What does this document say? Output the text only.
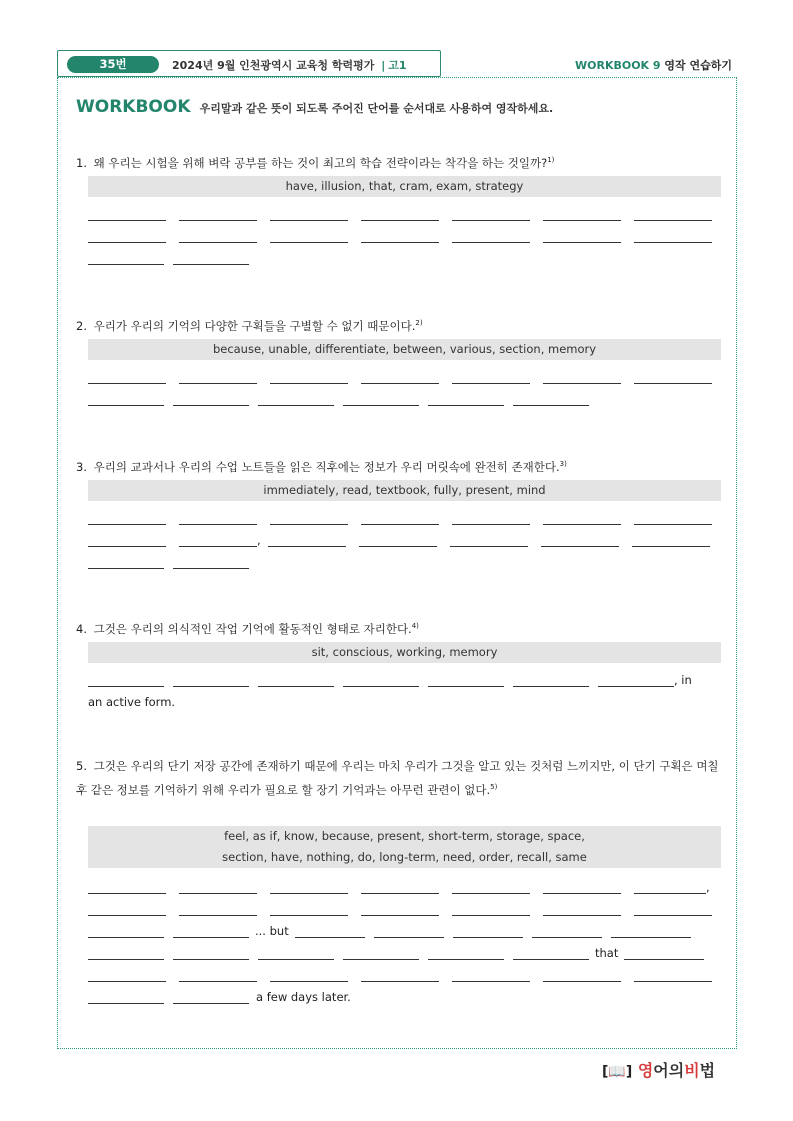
35번	2024년 9월 인천광역시 교육청 학력평가 | 고1	WORKBOOK 9 영작 연습하기
WORKBOOK 우리말과 같은 뜻이 되도록 주어진 단어를 순서대로 사용하여 영작하세요.
1. 왜 우리는 시험을 위해 벼락 공부를 하는 것이 최고의 학습 전략이라는 착각을 하는 것일까?$^{1)}$
have, illusion, that, cram, exam, strategy
2. 우리가 우리의 기억의 다양한 구획들을 구별할 수 없기 때문이다.$^{2)}$
because, unable, differentiate, between, various, section, memory
3. 우리의 교과서나 우리의 수업 노트들을 읽은 직후에는 정보가 우리 머릿속에 완전히 존재한다.$^{3)}$
immediately, read, textbook, fully, present, mind
,
4. 그것은 우리의 의식적인 작업 기억에 활동적인 형태로 자리한다.$^{4)}$
sit, conscious, working, memory
, in
an active form.
5. 그것은 우리의 단기 저장 공간에 존재하기 때문에 우리는 마치 우리가 그것을 알고 있는 것처럼 느끼지만, 이 단기 구획은 며칠 후 같은 정보를 기억하기 위해 우리가 필요로 할 장기 기억과는 아무런 관련이 없다.$^{5)}$
feel, as if, know, because, present, short-term, storage, space,
section, have, nothing, do, long-term, need, order, recall, same
,
... but
that
a few days later.
[📖] 영어의비법
